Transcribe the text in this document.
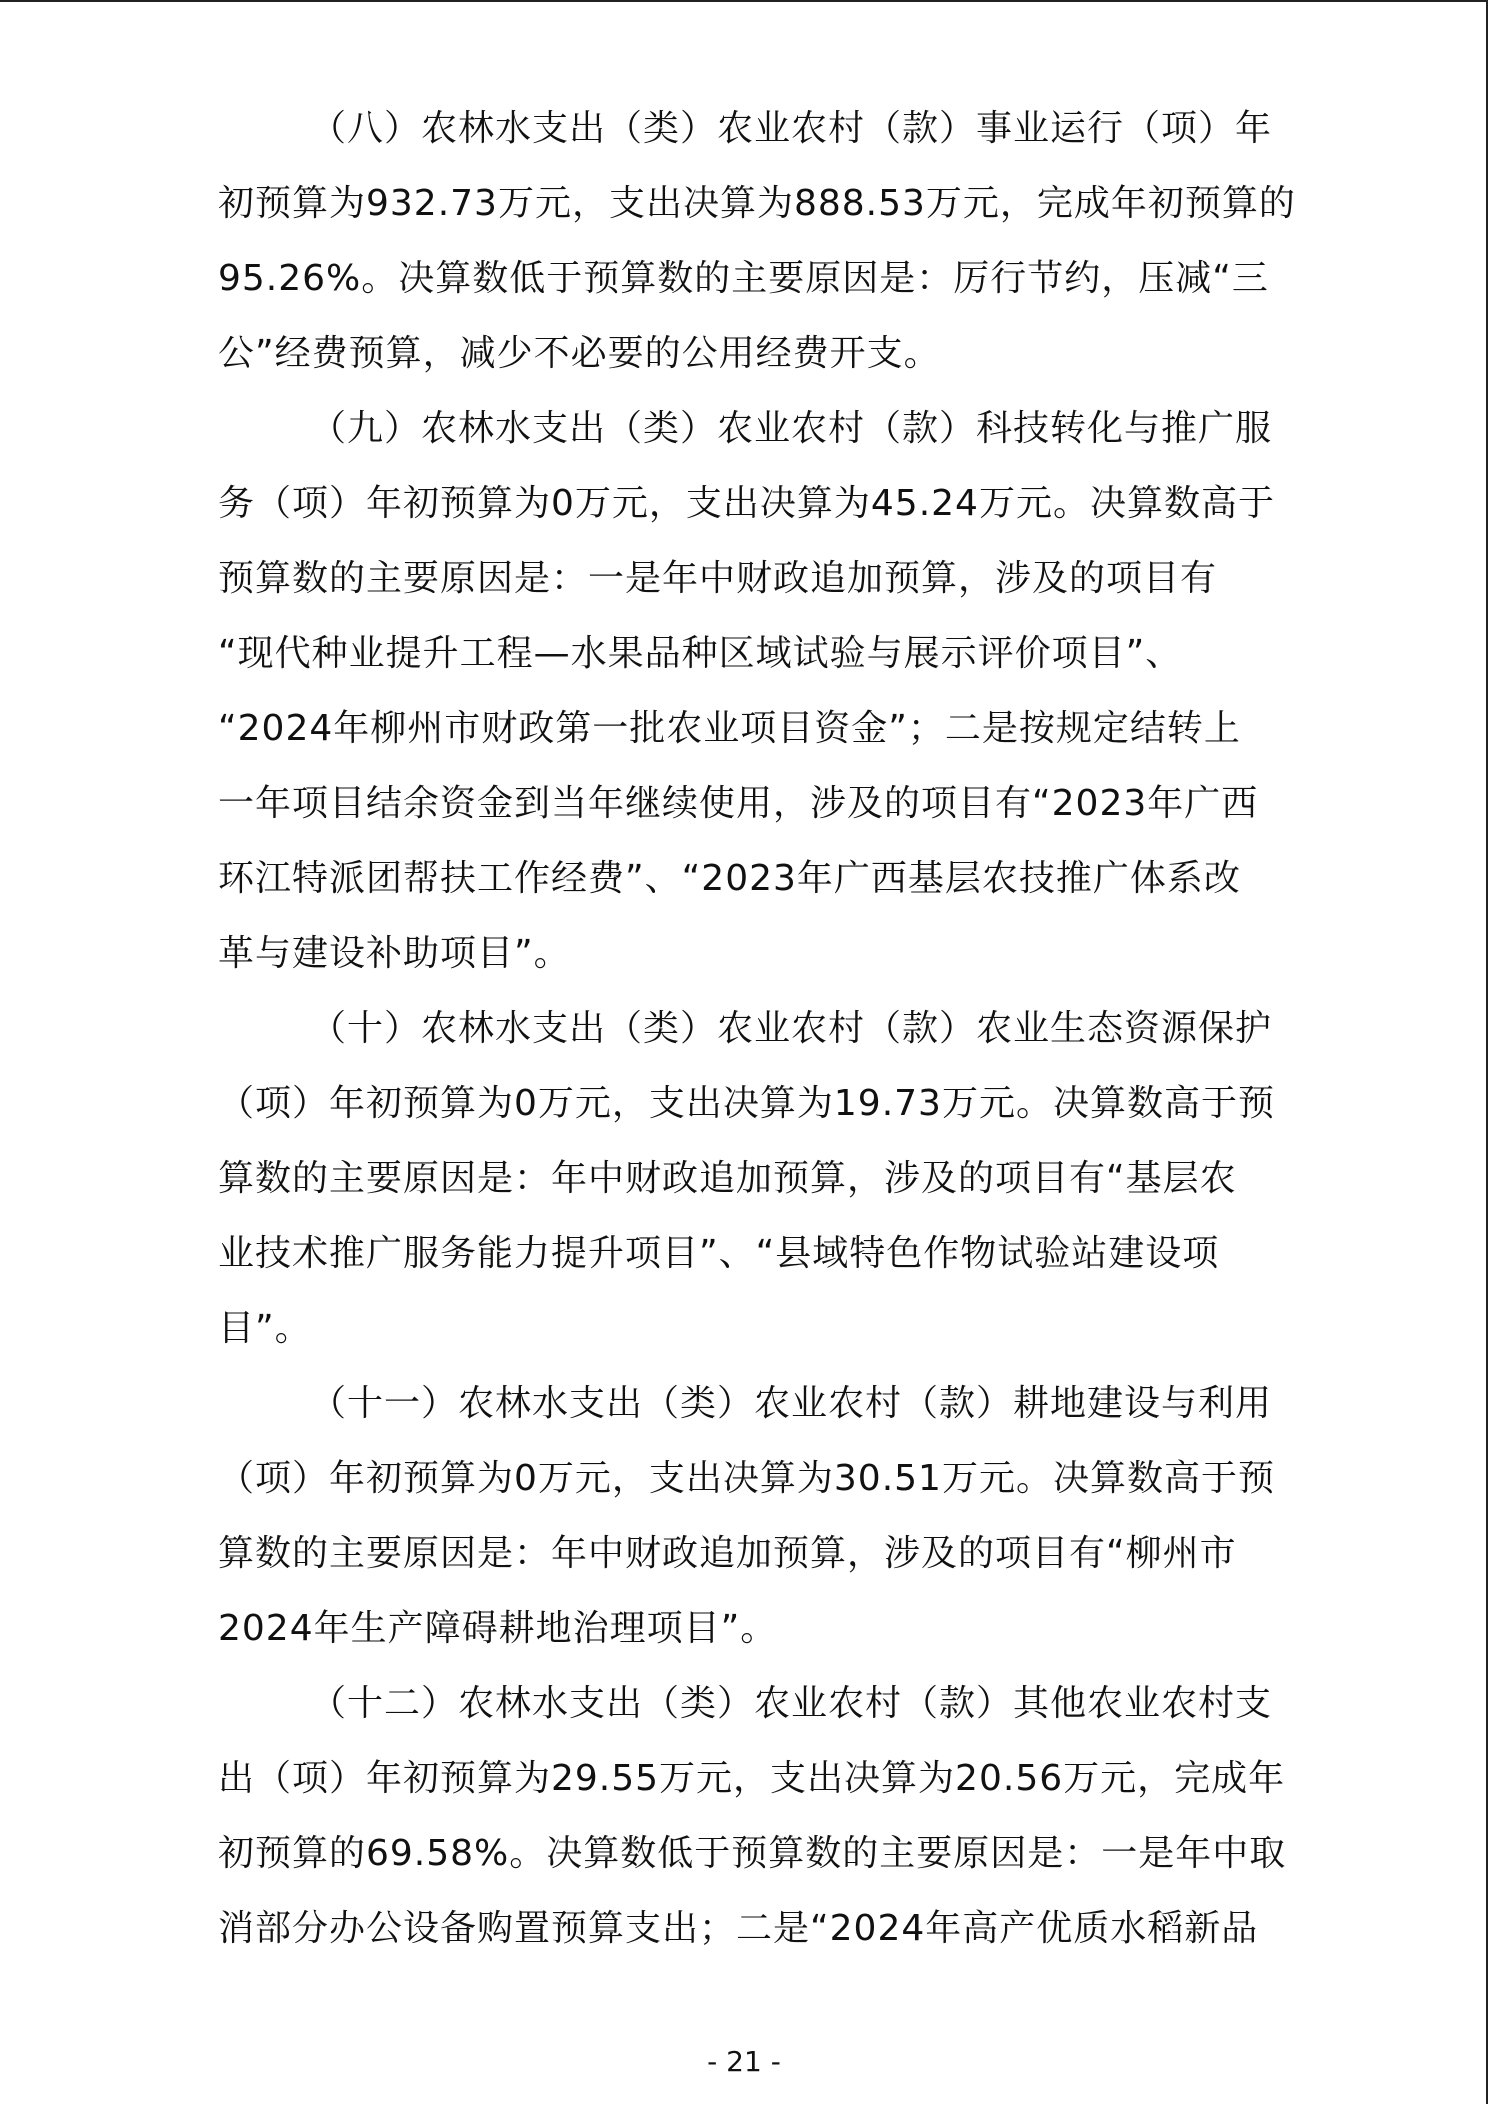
（八）农林水支出（类）农业农村（款）事业运行（项）年
初预算为932.73万元，支出决算为888.53万元，完成年初预算的
95.26%。决算数低于预算数的主要原因是：厉行节约，压减“三
公”经费预算，减少不必要的公用经费开支。
（九）农林水支出（类）农业农村（款）科技转化与推广服
务（项）年初预算为0万元，支出决算为45.24万元。决算数高于
预算数的主要原因是：一是年中财政追加预算，涉及的项目有
“现代种业提升工程—水果品种区域试验与展示评价项目”、
“2024年柳州市财政第一批农业项目资金”；二是按规定结转上
一年项目结余资金到当年继续使用，涉及的项目有“2023年广西
环江特派团帮扶工作经费”、“2023年广西基层农技推广体系改
革与建设补助项目”。
（十）农林水支出（类）农业农村（款）农业生态资源保护
（项）年初预算为0万元，支出决算为19.73万元。决算数高于预
算数的主要原因是：年中财政追加预算，涉及的项目有“基层农
业技术推广服务能力提升项目”、“县域特色作物试验站建设项
目”。
（十一）农林水支出（类）农业农村（款）耕地建设与利用
（项）年初预算为0万元，支出决算为30.51万元。决算数高于预
算数的主要原因是：年中财政追加预算，涉及的项目有“柳州市
2024年生产障碍耕地治理项目”。
（十二）农林水支出（类）农业农村（款）其他农业农村支
出（项）年初预算为29.55万元，支出决算为20.56万元，完成年
初预算的69.58%。决算数低于预算数的主要原因是：一是年中取
消部分办公设备购置预算支出；二是“2024年高产优质水稻新品
- 21 -
